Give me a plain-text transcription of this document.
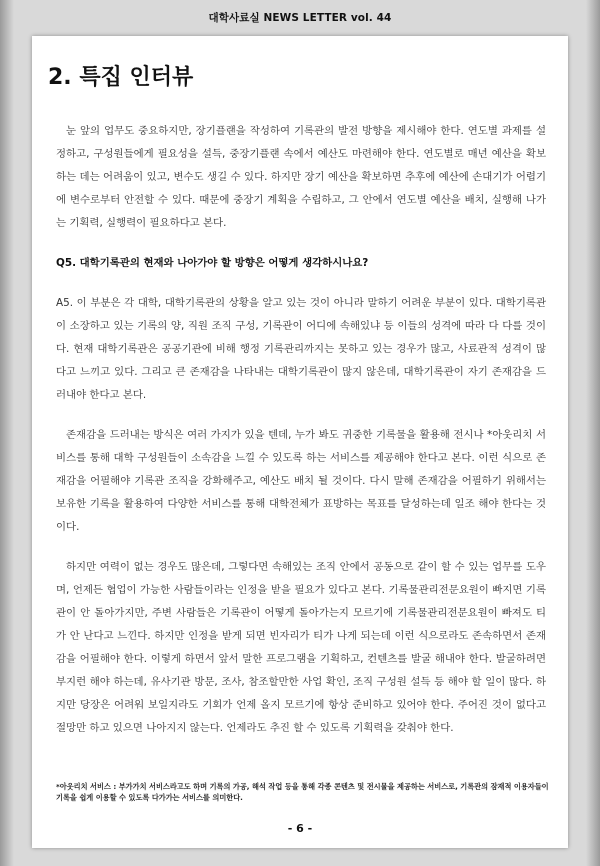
대학사료실 NEWS LETTER vol. 44
2. 특집 인터뷰

눈 앞의 업무도 중요하지만, 장기플랜을 작성하여 기록관의 발전 방향을 제시해야 한다. 연도별 과제를 설정하고, 구성원들에게 필요성을 설득, 중장기플랜 속에서 예산도 마련해야 한다. 연도별로 매년 예산을 확보하는 데는 어려움이 있고, 변수도 생길 수 있다. 하지만 장기 예산을 확보하면 추후에 예산에 손대기가 어렵기에 변수로부터 안전할 수 있다. 때문에 중장기 계획을 수립하고, 그 안에서 연도별 예산을 배치, 실행해 나가는 기획력, 실행력이 필요하다고 본다.

Q5. 대학기록관의 현재와 나아가야 할 방향은 어떻게 생각하시나요?

A5. 이 부분은 각 대학, 대학기록관의 상황을 알고 있는 것이 아니라 말하기 어려운 부분이 있다. 대학기록관이 소장하고 있는 기록의 양, 직원 조직 구성, 기록관이 어디에 속해있냐 등 이들의 성격에 따라 다 다를 것이다. 현재 대학기록관은 공공기관에 비해 행정 기록관리까지는 못하고 있는 경우가 많고, 사료관적 성격이 많다고 느끼고 있다. 그리고 큰 존재감을 나타내는 대학기록관이 많지 않은데, 대학기록관이 자기 존재감을 드러내야 한다고 본다.

존재감을 드러내는 방식은 여러 가지가 있을 텐데, 누가 봐도 귀중한 기록물을 활용해 전시나 *아웃리치 서비스를 통해 대학 구성원들이 소속감을 느낄 수 있도록 하는 서비스를 제공해야 한다고 본다. 이런 식으로 존재감을 어필해야 기록관 조직을 강화해주고, 예산도 배치 될 것이다. 다시 말해 존재감을 어필하기 위해서는 보유한 기록을 활용하여 다양한 서비스를 통해 대학전체가 표방하는 목표를 달성하는데 일조 해야 한다는 것이다.

하지만 여력이 없는 경우도 많은데, 그렇다면 속해있는 조직 안에서 공동으로 같이 할 수 있는 업무를 도우며, 언제든 협업이 가능한 사람들이라는 인정을 받을 필요가 있다고 본다. 기록물관리전문요원이 빠지면 기록관이 안 돌아가지만, 주변 사람들은 기록관이 어떻게 돌아가는지 모르기에 기록물관리전문요원이 빠져도 티가 안 난다고 느낀다. 하지만 인정을 받게 되면 빈자리가 티가 나게 되는데 이런 식으로라도 존속하면서 존재감을 어필해야 한다. 이렇게 하면서 앞서 말한 프로그램을 기획하고, 컨텐츠를 발굴 해내야 한다. 발굴하려면 부지런 해야 하는데, 유사기관 방문, 조사, 참조할만한 사업 확인, 조직 구성원 설득 등 해야 할 일이 많다. 하지만 당장은 어려워 보일지라도 기회가 언제 올지 모르기에 항상 준비하고 있어야 한다. 주어진 것이 없다고 절망만 하고 있으면 나아지지 않는다. 언제라도 추진 할 수 있도록 기획력을 갖춰야 한다.

*아웃리치 서비스 : 부가가치 서비스라고도 하며 기록의 가공, 해석 작업 등을 통해 각종 콘텐츠 및 전시물을 제공하는 서비스로, 기록관의 잠재적 이용자들이 기록을 쉽게 이용할 수 있도록 다가가는 서비스를 의미한다.
- 6 -
